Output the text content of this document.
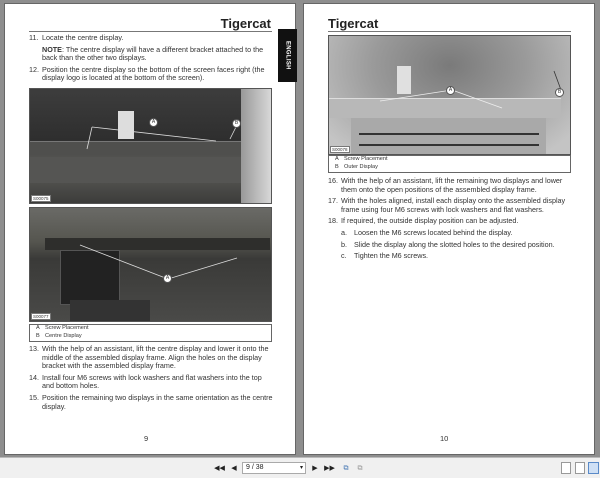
Tigercat
ENGLISH
11. Locate the centre display.
NOTE: The centre display will have a different bracket attached to the back than the other two displays.
12. Position the centre display so the bottom of the screen faces right (the display logo is located at the bottom of the screen).
A	B
S00075
A
S00077
A Screw Placement
B Centre Display
13. With the help of an assistant, lift the centre display and lower it onto the middle of the assembled display frame. Align the holes on the display bracket with the assembled display frame.
14. Install four M6 screws with lock washers and flat washers into the top and bottom holes.
15. Position the remaining two displays in the same orientation as the centre display.
9
Tigercat
A	B
S00078
A Screw Placement
B Outer Display
16. With the help of an assistant, lift the remaining two displays and lower them onto the open positions of the assembled display frame.
17. With the holes aligned, install each display onto the assembled display frame using four M6 screws with lock washers and flat washers.
18. If required, the outside display position can be adjusted.
a. Loosen the M6 screws located behind the display.
b. Slide the display along the slotted holes to the desired position.
c. Tighten the M6 screws.
10
◀◀ ◀	9 / 38	▾ ▶ ▶▶	⧉	⧉
